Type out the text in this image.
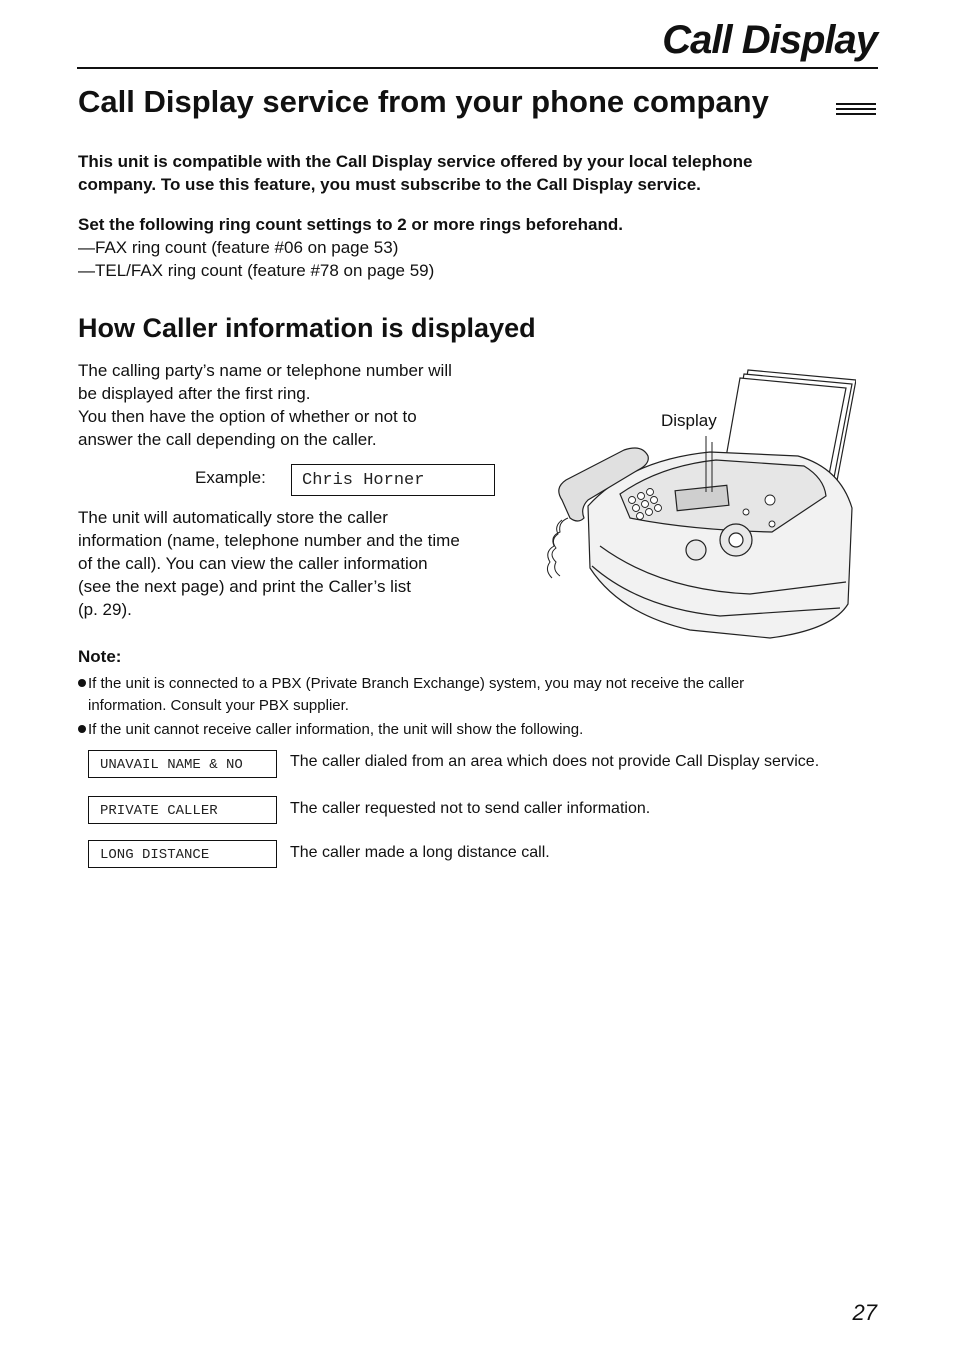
Call Display
Call Display service from your phone company
This unit is compatible with the Call Display service offered by your local telephone
company. To use this feature, you must subscribe to the Call Display service.
Set the following ring count settings to 2 or more rings beforehand.
—FAX ring count (feature #06 on page 53)
—TEL/FAX ring count (feature #78 on page 59)
How Caller information is displayed
The calling party’s name or telephone number will
be displayed after the first ring.
You then have the option of whether or not to
answer the call depending on the caller.
Example:	Chris Horner
The unit will automatically store the caller
information (name, telephone number and the time
of the call). You can view the caller information
(see the next page) and print the Caller’s list
(p. 29).
Display
Note:
If the unit is connected to a PBX (Private Branch Exchange) system, you may not receive the caller
information. Consult your PBX supplier.
If the unit cannot receive caller information, the unit will show the following.
UNAVAIL NAME & NO	The caller dialed from an area which does not provide Call Display service.
PRIVATE CALLER	The caller requested not to send caller information.
LONG DISTANCE	The caller made a long distance call.
27
